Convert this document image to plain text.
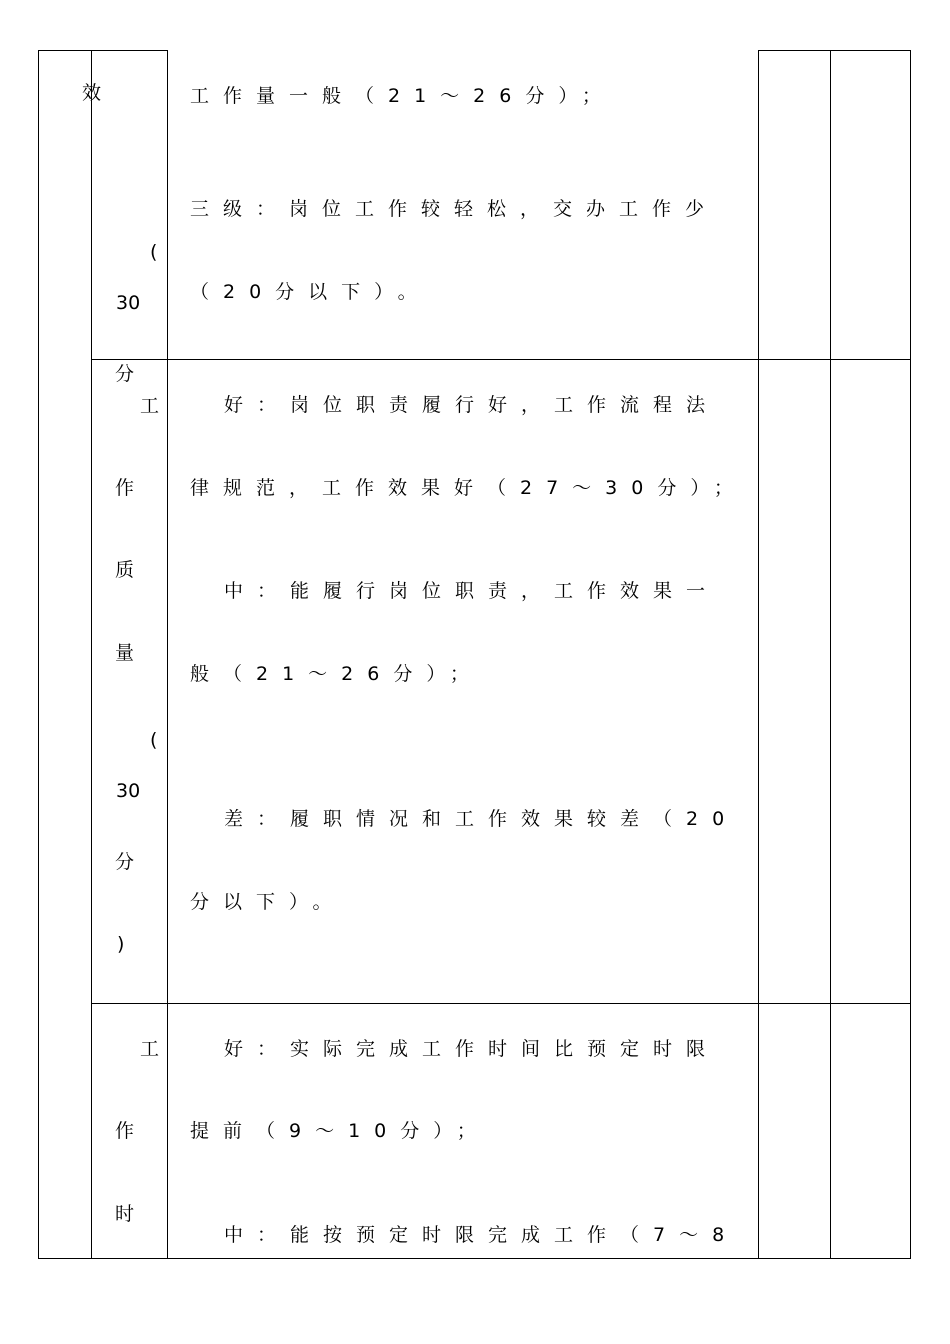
效
(
30
工作量一般（21～26分）；
三级：岗位工作较轻松，交办工作少
（20分以下）。
分
工
作
质
量
(
30
分
)
好：岗位职责履行好，工作流程法
律规范，工作效果好（27～30分）；
中：能履行岗位职责，工作效果一
般（21～26分）；
差：履职情况和工作效果较差（20
分以下）。
工
作
时
好：实际完成工作时间比预定时限
提前（9～10分）；
中：能按预定时限完成工作（7～8
